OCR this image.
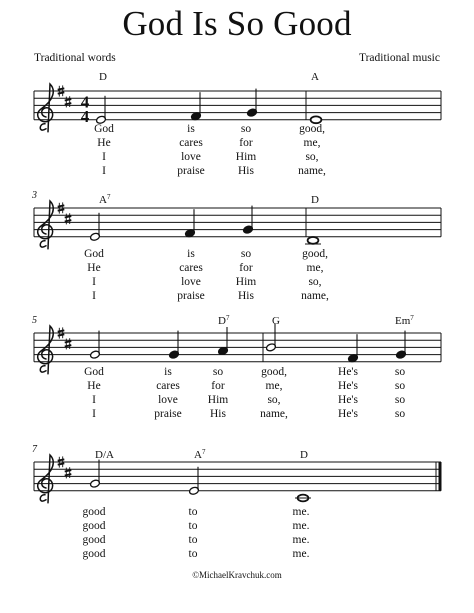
God Is So Good
Traditional words	Traditional music
4
4
D	A
God	is	so	good,
He	cares	for	me,
I	love	Him	so,
I	praise	His	name,
3	$A^7$	D
God	is	so	good,
He	cares	for	me,
I	love	Him	so,
I	praise	His	name,
5	$D^7$	G	Em$^7$
God	is	so	good,	He's	so
He	cares	for	me,	He's	so
I	love	Him	so,	He's	so
I	praise His	name,	He's	so
7	D/A	$A^7$	D
good	to	me.
good	to	me.
good	to	me.
good	to	me.
©MichaelKravchuk.com
